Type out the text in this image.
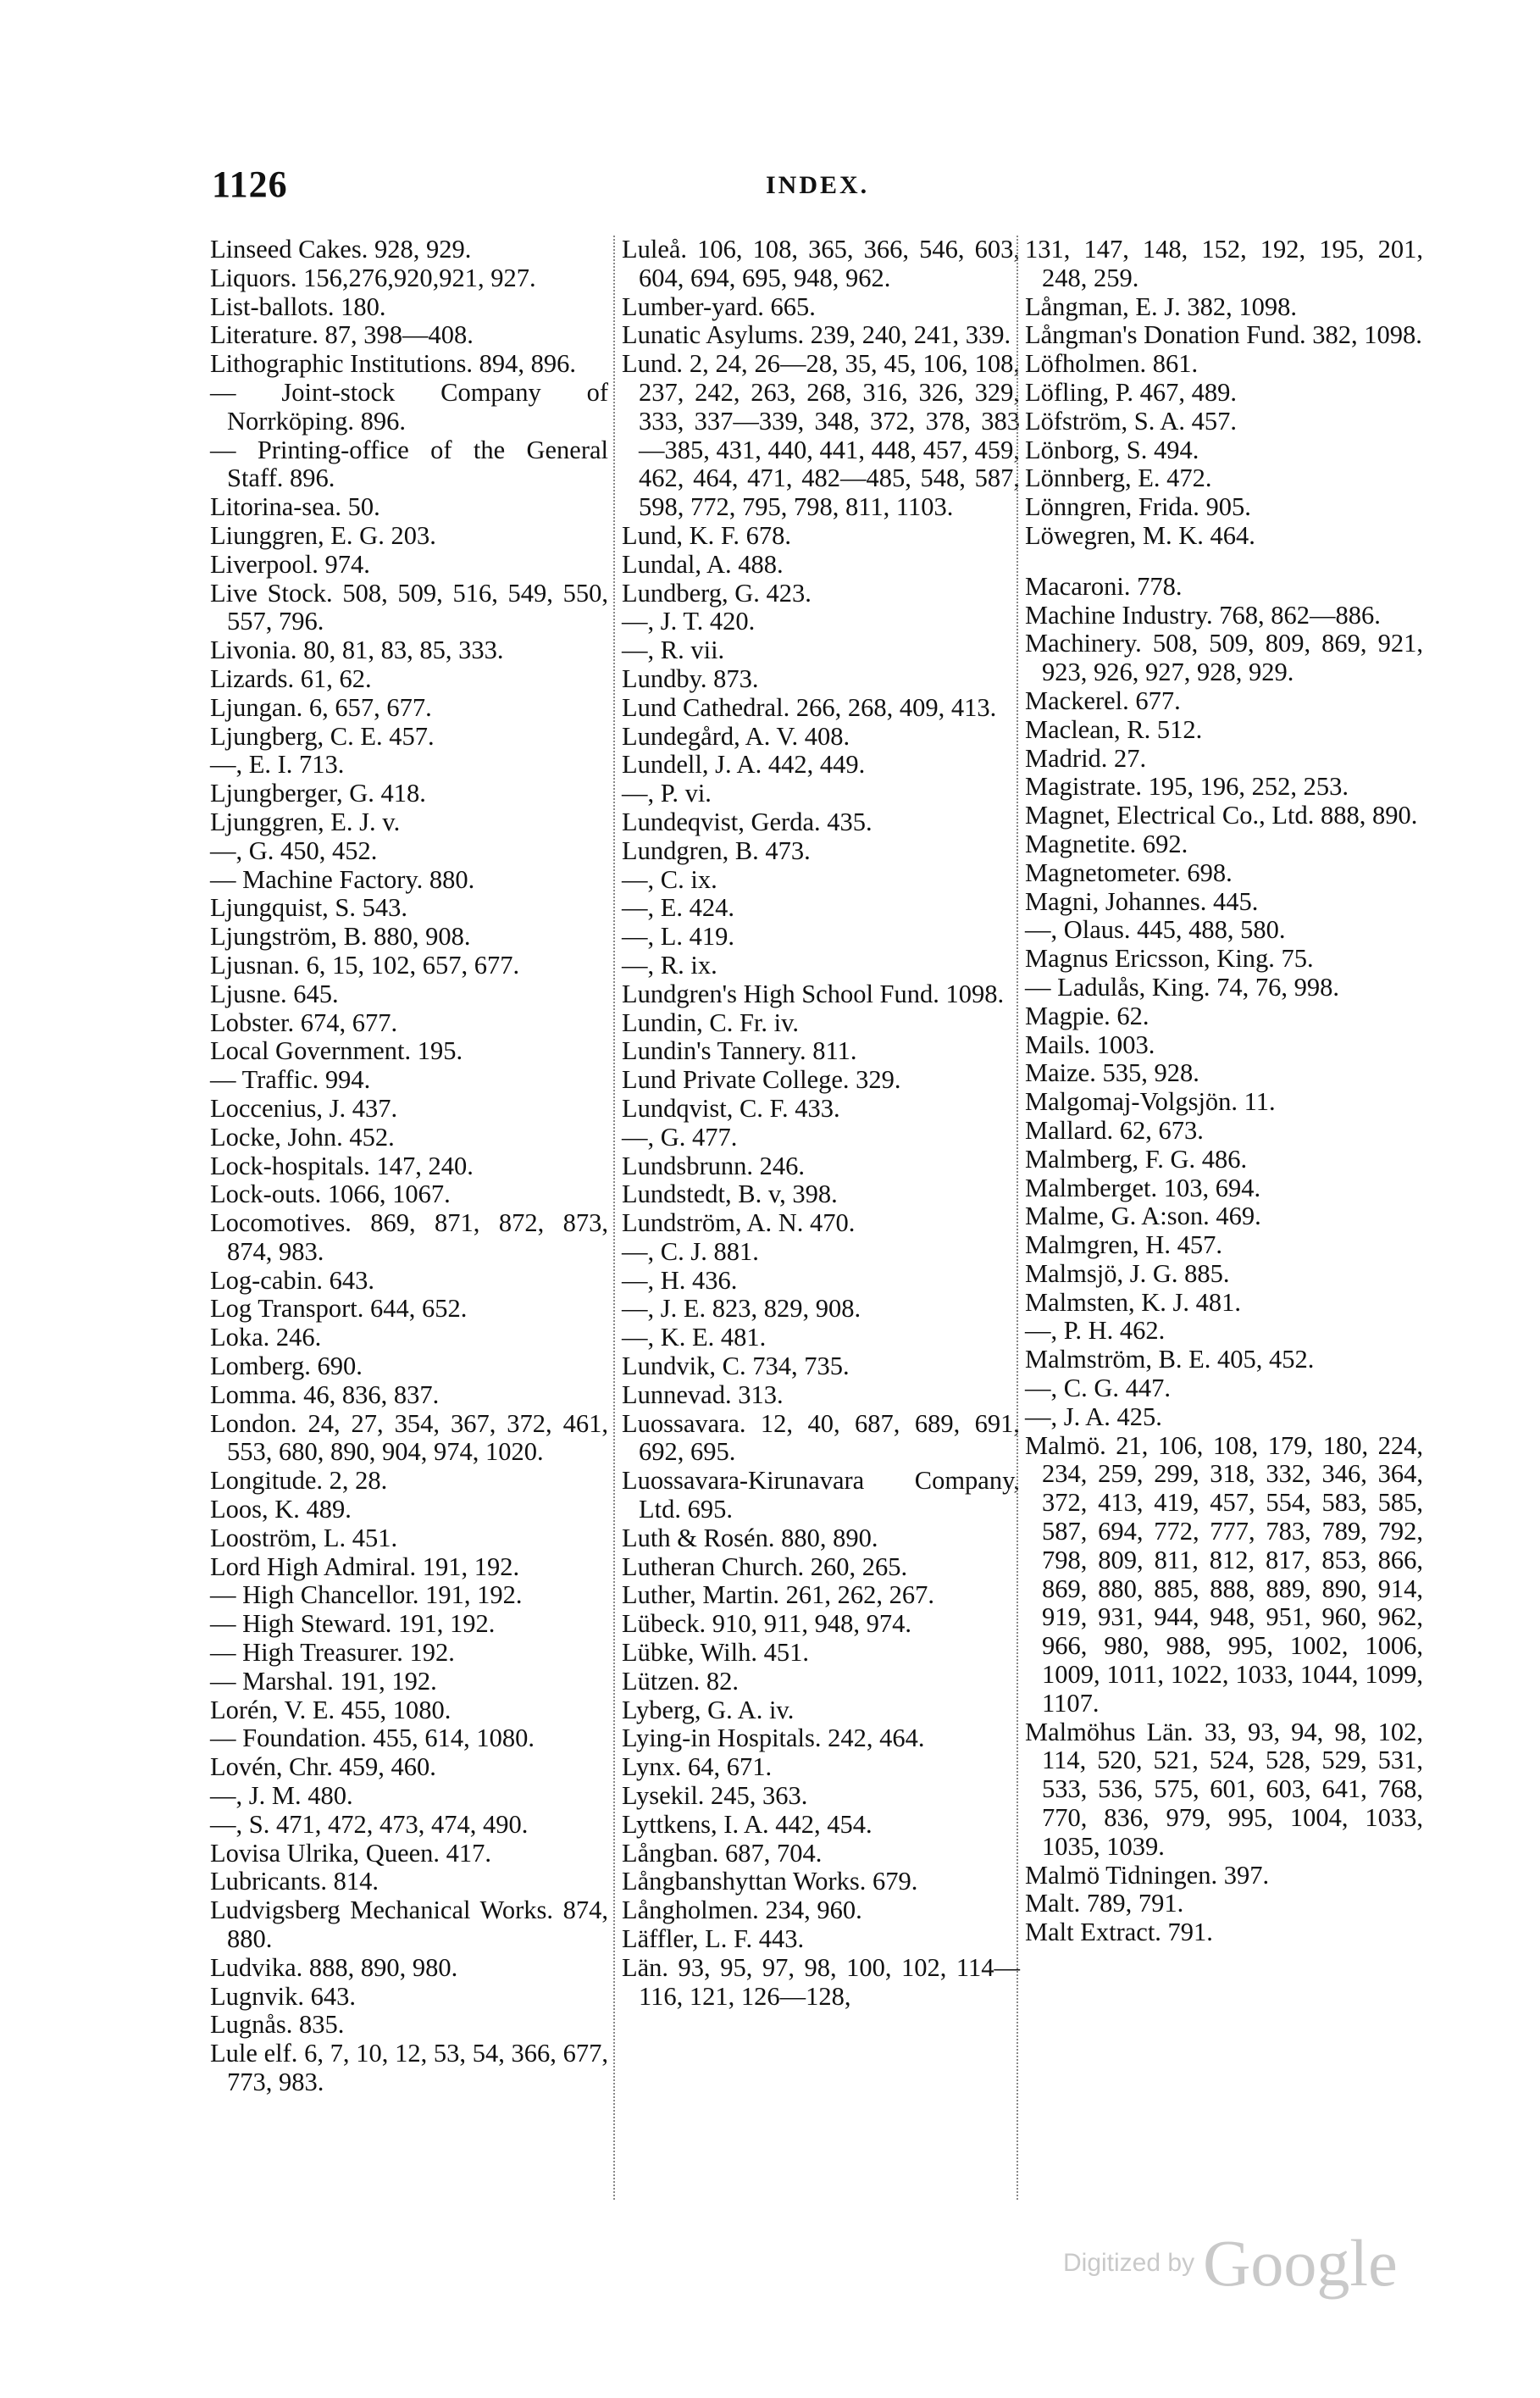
1126	INDEX.

Linseed Cakes. 928, 929.

Liquors. 156,276,920,921, 927.

List-ballots. 180.

Literature. 87, 398—408.

Lithographic Institutions. 894, 896.

— Joint-stock Company of Norrköping. 896.

— Printing-office of the General Staff. 896.

Litorina-sea. 50.

Liunggren, E. G. 203.

Liverpool. 974.

Live Stock. 508, 509, 516, 549, 550, 557, 796.

Livonia. 80, 81, 83, 85, 333.

Lizards. 61, 62.

Ljungan. 6, 657, 677.

Ljungberg, C. E. 457.

—, E. I. 713.

Ljungberger, G. 418.

Ljunggren, E. J. v.

—, G. 450, 452.

— Machine Factory. 880.

Ljungquist, S. 543.

Ljungström, B. 880, 908.

Ljusnan. 6, 15, 102, 657, 677.

Ljusne. 645.

Lobster. 674, 677.

Local Government. 195.

— Traffic. 994.

Loccenius, J. 437.

Locke, John. 452.

Lock-hospitals. 147, 240.

Lock-outs. 1066, 1067.

Locomotives. 869, 871, 872, 873, 874, 983.

Log-cabin. 643.

Log Transport. 644, 652.

Loka. 246.

Lomberg. 690.

Lomma. 46, 836, 837.

London. 24, 27, 354, 367, 372, 461, 553, 680, 890, 904, 974, 1020.

Longitude. 2, 28.

Loos, K. 489.

Looström, L. 451.

Lord High Admiral. 191, 192.

— High Chancellor. 191, 192.

— High Steward. 191, 192.

— High Treasurer. 192.

— Marshal. 191, 192.

Lorén, V. E. 455, 1080.

— Foundation. 455, 614, 1080.

Lovén, Chr. 459, 460.

—, J. M. 480.

—, S. 471, 472, 473, 474, 490.

Lovisa Ulrika, Queen. 417.

Lubricants. 814.

Ludvigsberg Mechanical Works. 874, 880.

Ludvika. 888, 890, 980.

Lugnvik. 643.

Lugnås. 835.

Lule elf. 6, 7, 10, 12, 53, 54, 366, 677, 773, 983.

Luleå. 106, 108, 365, 366, 546, 603, 604, 694, 695, 948, 962.

Lumber-yard. 665.

Lunatic Asylums. 239, 240, 241, 339.

Lund. 2, 24, 26—28, 35, 45, 106, 108, 237, 242, 263, 268, 316, 326, 329, 333, 337—339, 348, 372, 378, 383—385, 431, 440, 441, 448, 457, 459, 462, 464, 471, 482—485, 548, 587, 598, 772, 795, 798, 811, 1103.

Lund, K. F. 678.

Lundal, A. 488.

Lundberg, G. 423.

—, J. T. 420.

—, R. vii.

Lundby. 873.

Lund Cathedral. 266, 268, 409, 413.

Lundegård, A. V. 408.

Lundell, J. A. 442, 449.

—, P. vi.

Lundeqvist, Gerda. 435.

Lundgren, B. 473.

—, C. ix.

—, E. 424.

—, L. 419.

—, R. ix.

Lundgren's High School Fund. 1098.

Lundin, C. Fr. iv.

Lundin's Tannery. 811.

Lund Private College. 329.

Lundqvist, C. F. 433.

—, G. 477.

Lundsbrunn. 246.

Lundstedt, B. v, 398.

Lundström, A. N. 470.

—, C. J. 881.

—, H. 436.

—, J. E. 823, 829, 908.

—, K. E. 481.

Lundvik, C. 734, 735.

Lunnevad. 313.

Luossavara. 12, 40, 687, 689, 691, 692, 695.

Luossavara-Kirunavara Company, Ltd. 695.

Luth & Rosén. 880, 890.

Lutheran Church. 260, 265.

Luther, Martin. 261, 262, 267.

Lübeck. 910, 911, 948, 974.

Lübke, Wilh. 451.

Lützen. 82.

Lyberg, G. A. iv.

Lying-in Hospitals. 242, 464.

Lynx. 64, 671.

Lysekil. 245, 363.

Lyttkens, I. A. 442, 454.

Långban. 687, 704.

Långbanshyttan Works. 679.

Långholmen. 234, 960.

Läffler, L. F. 443.

Län. 93, 95, 97, 98, 100, 102, 114—116, 121, 126—128,

131, 147, 148, 152, 192, 195, 201, 248, 259.

Långman, E. J. 382, 1098.

Långman's Donation Fund. 382, 1098.

Löfholmen. 861.

Löfling, P. 467, 489.

Löfström, S. A. 457.

Lönborg, S. 494.

Lönnberg, E. 472.

Lönngren, Frida. 905.

Löwegren, M. K. 464.

Macaroni. 778.

Machine Industry. 768, 862—886.

Machinery. 508, 509, 809, 869, 921, 923, 926, 927, 928, 929.

Mackerel. 677.

Maclean, R. 512.

Madrid. 27.

Magistrate. 195, 196, 252, 253.

Magnet, Electrical Co., Ltd. 888, 890.

Magnetite. 692.

Magnetometer. 698.

Magni, Johannes. 445.

—, Olaus. 445, 488, 580.

Magnus Ericsson, King. 75.

— Ladulås, King. 74, 76, 998.

Magpie. 62.

Mails. 1003.

Maize. 535, 928.

Malgomaj-Volgsjön. 11.

Mallard. 62, 673.

Malmberg, F. G. 486.

Malmberget. 103, 694.

Malme, G. A:son. 469.

Malmgren, H. 457.

Malmsjö, J. G. 885.

Malmsten, K. J. 481.

—, P. H. 462.

Malmström, B. E. 405, 452.

—, C. G. 447.

—, J. A. 425.

Malmö. 21, 106, 108, 179, 180, 224, 234, 259, 299, 318, 332, 346, 364, 372, 413, 419, 457, 554, 583, 585, 587, 694, 772, 777, 783, 789, 792, 798, 809, 811, 812, 817, 853, 866, 869, 880, 885, 888, 889, 890, 914, 919, 931, 944, 948, 951, 960, 962, 966, 980, 988, 995, 1002, 1006, 1009, 1011, 1022, 1033, 1044, 1099, 1107.

Malmöhus Län. 33, 93, 94, 98, 102, 114, 520, 521, 524, 528, 529, 531, 533, 536, 575, 601, 603, 641, 768, 770, 836, 979, 995, 1004, 1033, 1035, 1039.

Malmö Tidningen. 397.

Malt. 789, 791.

Malt Extract. 791.

Digitized by Google
